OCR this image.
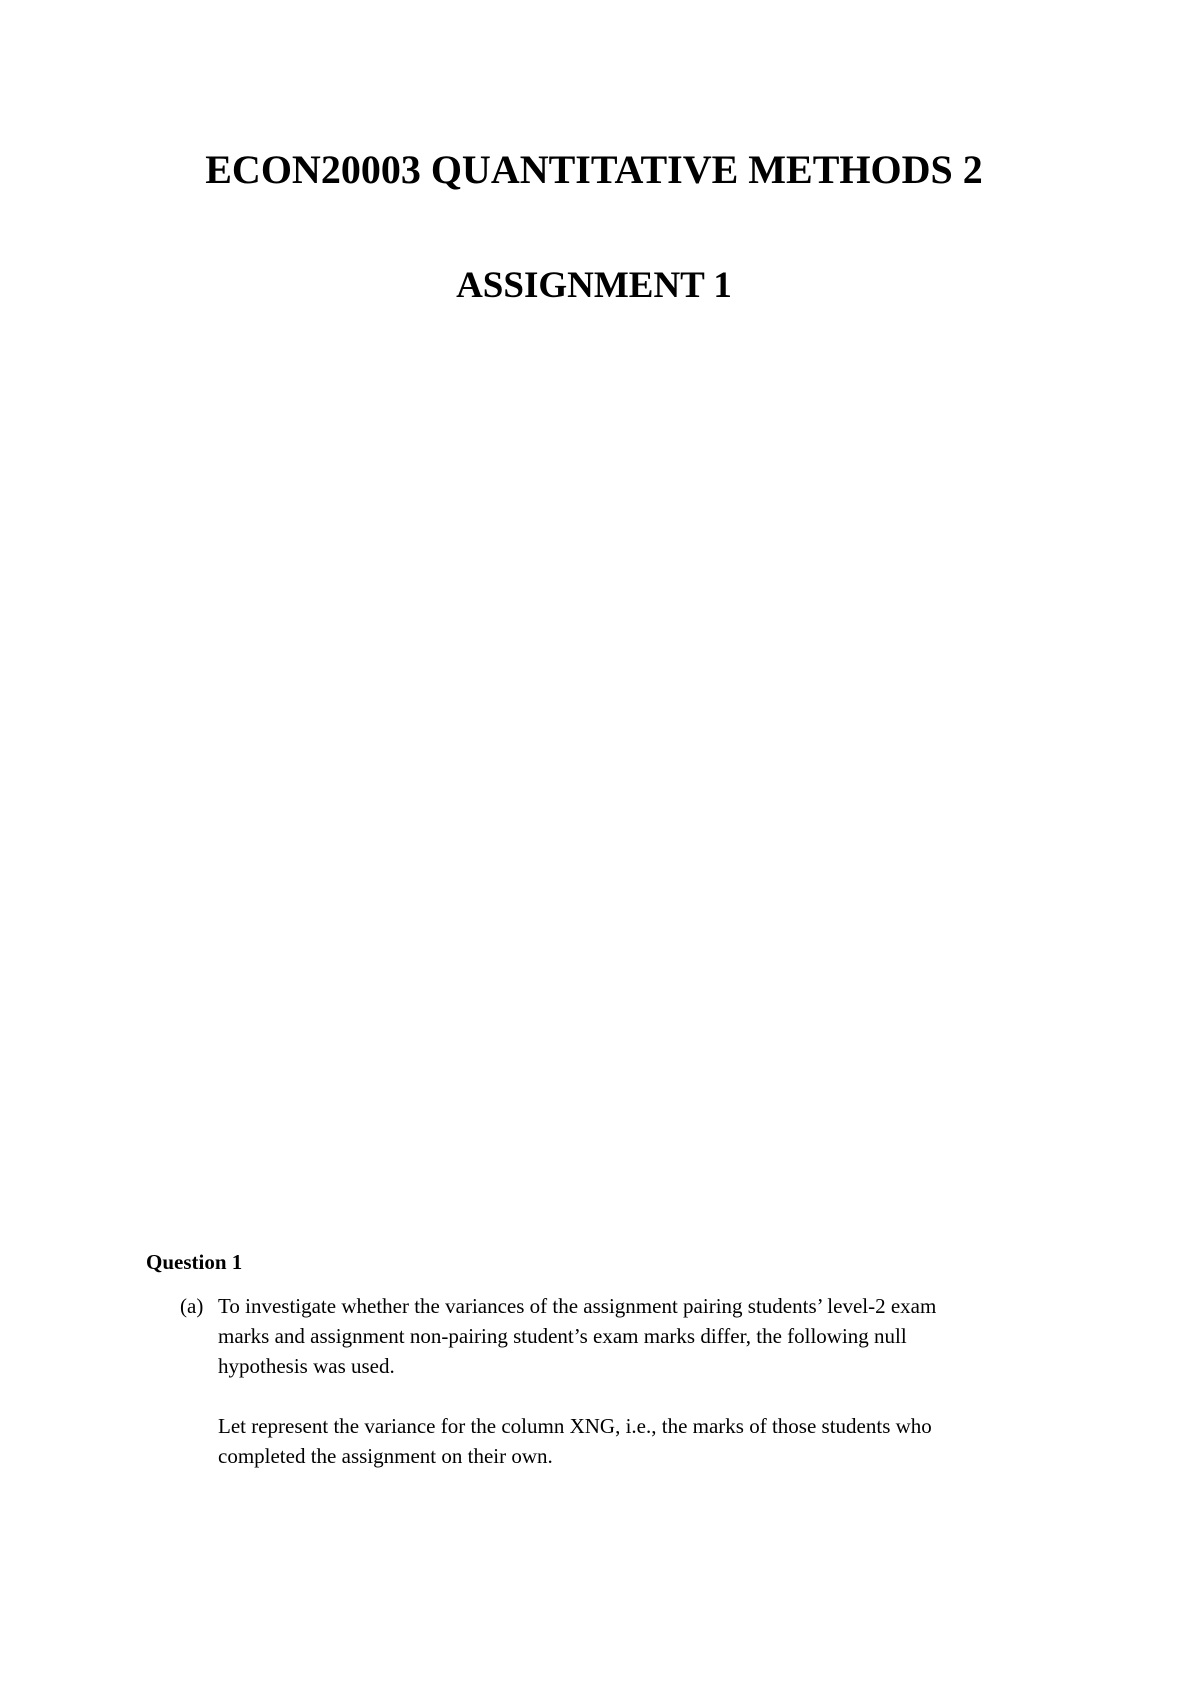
ECON20003 QUANTITATIVE METHODS 2
ASSIGNMENT 1
Question 1
(a) To investigate whether the variances of the assignment pairing students’ level-2 exam
marks and assignment non-pairing student’s exam marks differ, the following null
hypothesis was used.

Let represent the variance for the column XNG, i.e., the marks of those students who
completed the assignment on their own.
